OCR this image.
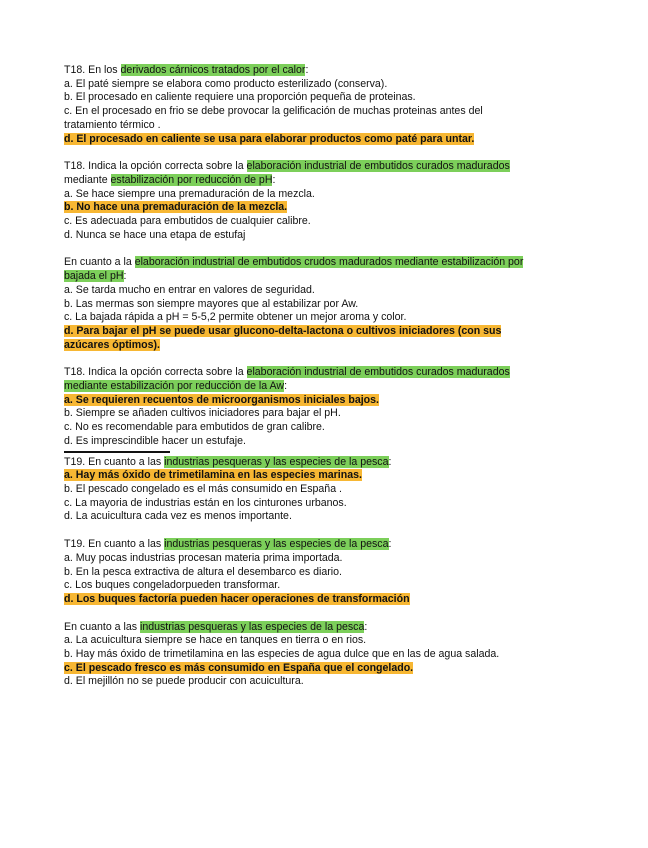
T18. En los derivados cárnicos tratados por el calor:
a. El paté siempre se elabora como producto esterilizado (conserva).
b. El procesado en caliente requiere una proporción pequeña de proteinas.
c. En el procesado en frio se debe provocar la gelificación de muchas proteinas antes del
tratamiento térmico .
d. El procesado en caliente se usa para elaborar productos como paté para untar.
T18. Indica la opción correcta sobre la elaboración industrial de embutidos curados madurados
mediante estabilización por reducción de pH:
a. Se hace siempre una premaduración de la mezcla.
b. No hace una premaduración de la mezcla.
c. Es adecuada para embutidos de cualquier calibre.
d. Nunca se hace una etapa de estufaj
En cuanto a la elaboración industrial de embutidos crudos madurados mediante estabilización por
bajada el pH:
a. Se tarda mucho en entrar en valores de seguridad.
b. Las mermas son siempre mayores que al estabilizar por Aw.
c. La bajada rápida a pH = 5-5,2 permite obtener un mejor aroma y color.
d. Para bajar el pH se puede usar glucono-delta-lactona o cultivos iniciadores (con sus
azúcares óptimos).
T18. Indica la opción correcta sobre la elaboración industrial de embutidos curados madurados
mediante estabilización por reducción de la Aw:
a. Se requieren recuentos de microorganismos iniciales bajos.
b. Siempre se añaden cultivos iniciadores para bajar el pH.
c. No es recomendable para embutidos de gran calibre.
d. Es imprescindible hacer un estufaje.
T19. En cuanto a las industrias pesqueras y las especies de la pesca:
a. Hay más óxido de trimetilamina en las especies marinas.
b. El pescado congelado es el más consumido en España .
c. La mayoria de industrias están en los cinturones urbanos.
d. La acuicultura cada vez es menos importante.
T19. En cuanto a las industrias pesqueras y las especies de la pesca:
a. Muy pocas industrias procesan materia prima importada.
b. En la pesca extractiva de altura el desembarco es diario.
c. Los buques congeladorpueden transformar.
d. Los buques factoría pueden hacer operaciones de transformación
En cuanto a las industrias pesqueras y las especies de la pesca:
a. La acuicultura siempre se hace en tanques en tierra o en rios.
b. Hay más óxido de trimetilamina en las especies de agua dulce que en las de agua salada.
c. El pescado fresco es más consumido en España que el congelado.
d. El mejillón no se puede producir con acuicultura.
